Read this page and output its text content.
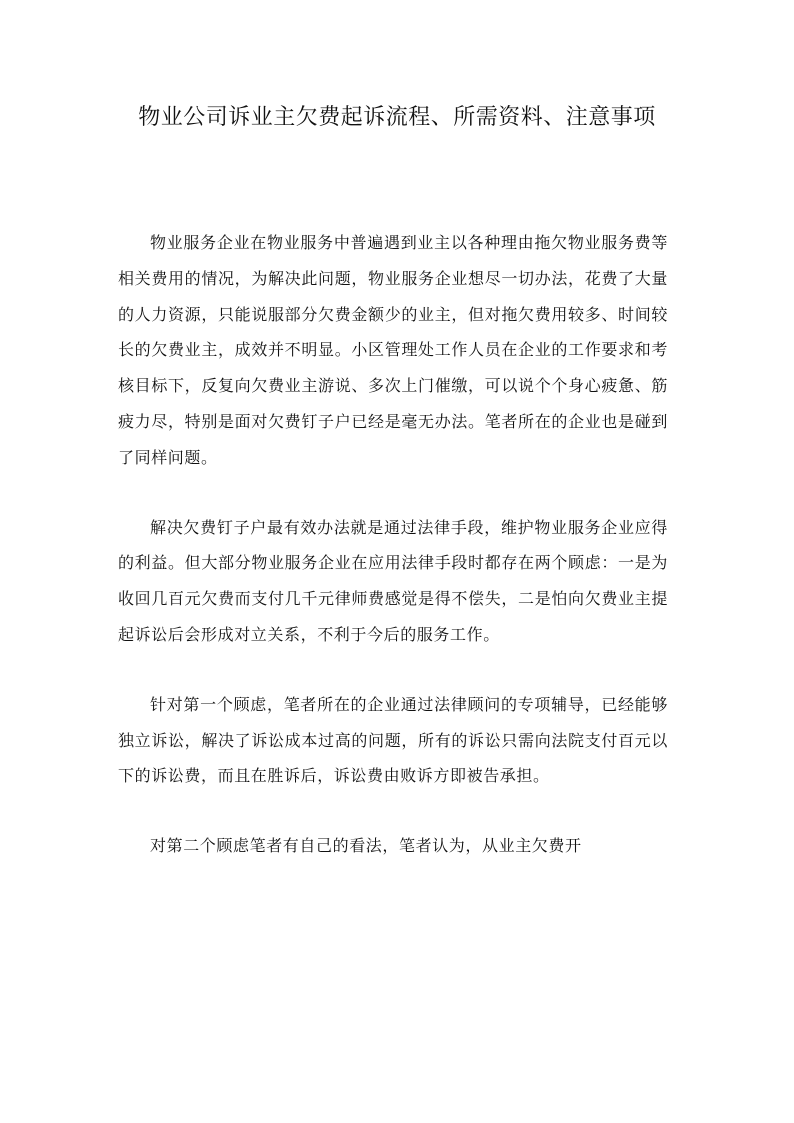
物业公司诉业主欠费起诉流程、所需资料、注意事项

物业服务企业在物业服务中普遍遇到业主以各种理由拖欠物业服务费等相关费用的情况，为解决此问题，物业服务企业想尽一切办法，花费了大量的人力资源，只能说服部分欠费金额少的业主，但对拖欠费用较多、时间较长的欠费业主，成效并不明显。小区管理处工作人员在企业的工作要求和考核目标下，反复向欠费业主游说、多次上门催缴，可以说个个身心疲惫、筋疲力尽，特别是面对欠费钉子户已经是毫无办法。笔者所在的企业也是碰到了同样问题。

解决欠费钉子户最有效办法就是通过法律手段，维护物业服务企业应得的利益。但大部分物业服务企业在应用法律手段时都存在两个顾虑：一是为收回几百元欠费而支付几千元律师费感觉是得不偿失，二是怕向欠费业主提起诉讼后会形成对立关系，不利于今后的服务工作。

针对第一个顾虑，笔者所在的企业通过法律顾问的专项辅导，已经能够独立诉讼，解决了诉讼成本过高的问题，所有的诉讼只需向法院支付百元以下的诉讼费，而且在胜诉后，诉讼费由败诉方即被告承担。

对第二个顾虑笔者有自己的看法，笔者认为，从业主欠费开
